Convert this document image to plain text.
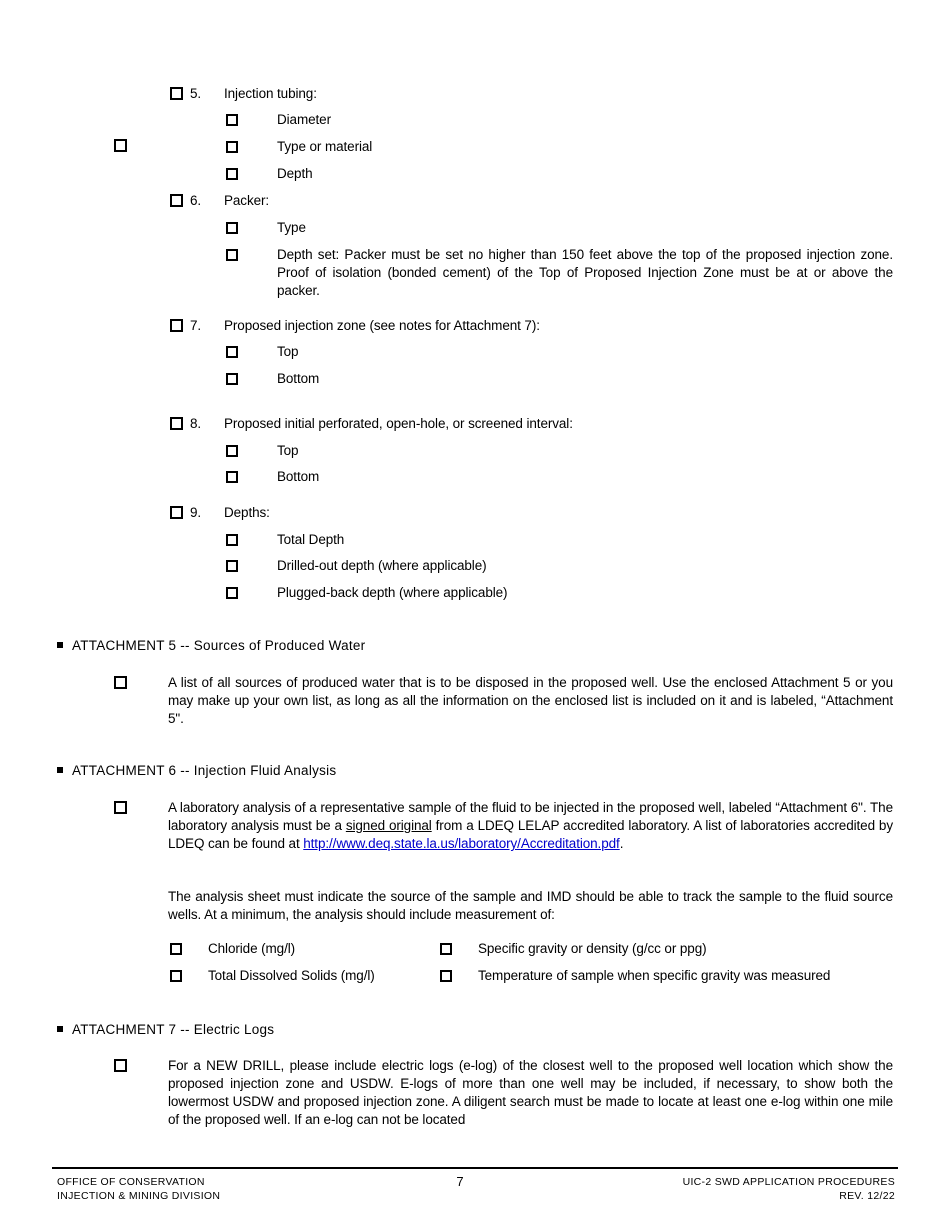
5. Injection tubing:
Diameter
Type or material
Depth
6. Packer:
Type
Depth set: Packer must be set no higher than 150 feet above the top of the proposed injection zone. Proof of isolation (bonded cement) of the Top of Proposed Injection Zone must be at or above the packer.
7. Proposed injection zone (see notes for Attachment 7):
Top
Bottom
8. Proposed initial perforated, open-hole, or screened interval:
Top
Bottom
9. Depths:
Total Depth
Drilled-out depth (where applicable)
Plugged-back depth (where applicable)
ATTACHMENT 5 -- Sources of Produced Water
A list of all sources of produced water that is to be disposed in the proposed well. Use the enclosed Attachment 5 or you may make up your own list, as long as all the information on the enclosed list is included on it and is labeled, “Attachment 5".
ATTACHMENT 6 -- Injection Fluid Analysis
A laboratory analysis of a representative sample of the fluid to be injected in the proposed well, labeled “Attachment 6". The laboratory analysis must be a signed original from a LDEQ LELAP accredited laboratory. A list of laboratories accredited by LDEQ can be found at http://www.deq.state.la.us/laboratory/Accreditation.pdf.
The analysis sheet must indicate the source of the sample and IMD should be able to track the sample to the fluid source wells. At a minimum, the analysis should include measurement of:
Chloride (mg/l)	Specific gravity or density (g/cc or ppg)
Total Dissolved Solids (mg/l)	Temperature of sample when specific gravity was measured
ATTACHMENT 7 -- Electric Logs
For a NEW DRILL, please include electric logs (e-log) of the closest well to the proposed well location which show the proposed injection zone and USDW. E-logs of more than one well may be included, if necessary, to show both the lowermost USDW and proposed injection zone. A diligent search must be made to locate at least one e-log within one mile of the proposed well. If an e-log can not be located
OFFICE OF CONSERVATION
INJECTION & MINING DIVISION
7	UIC-2 SWD APPLICATION PROCEDURES
REV. 12/22
